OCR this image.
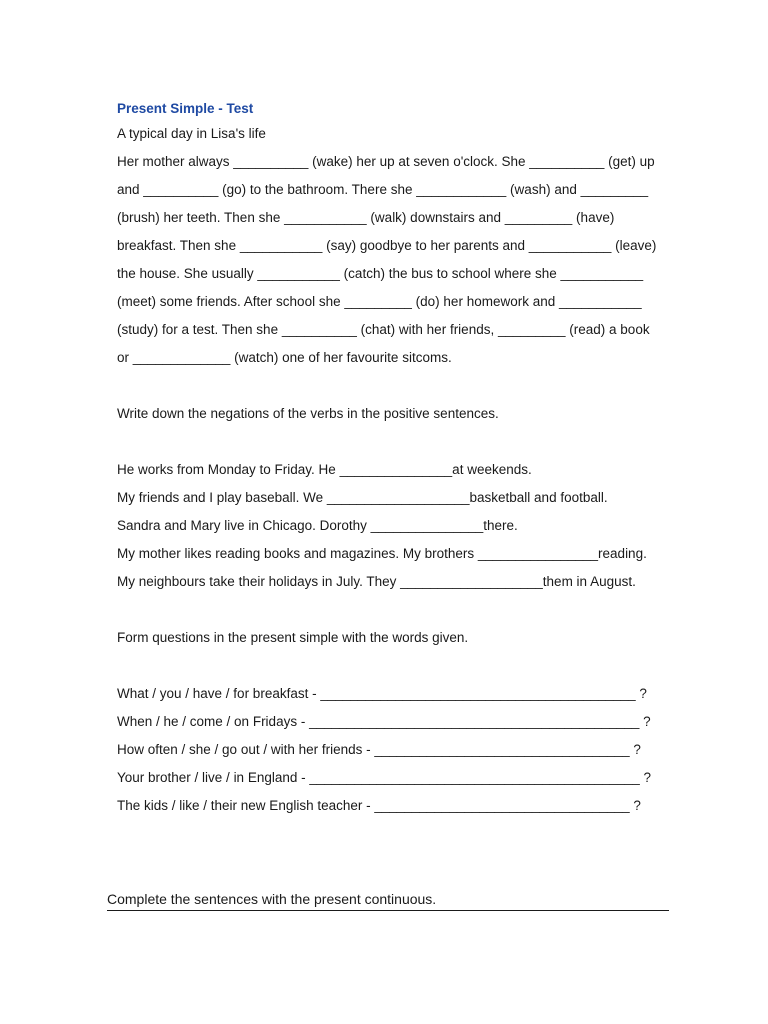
Present Simple - Test
A typical day in Lisa's life
Her mother always __________ (wake) her up at seven o'clock. She __________ (get) up
and __________ (go) to the bathroom. There she ____________ (wash) and _________
(brush) her teeth. Then she ___________ (walk) downstairs and _________ (have)
breakfast. Then she ___________ (say) goodbye to her parents and ___________ (leave)
the house. She usually ___________ (catch) the bus to school where she ___________
(meet) some friends. After school she _________ (do) her homework and ___________
(study) for a test. Then she __________ (chat) with her friends, _________ (read) a book
or _____________ (watch) one of her favourite sitcoms.
Write down the negations of the verbs in the positive sentences.
He works from Monday to Friday. He _______________at weekends.
My friends and I play baseball. We ___________________basketball and football.
Sandra and Mary live in Chicago. Dorothy _______________there.
My mother likes reading books and magazines. My brothers ________________reading.
My neighbours take their holidays in July. They ___________________them in August.
Form questions in the present simple with the words given.
What / you / have / for breakfast - __________________________________________ ?
When / he / come / on Fridays - ____________________________________________ ?
How often / she / go out / with her friends - __________________________________ ?
Your brother / live / in England - ____________________________________________ ?
The kids / like / their new English teacher - __________________________________ ?
Complete the sentences with the present continuous.
